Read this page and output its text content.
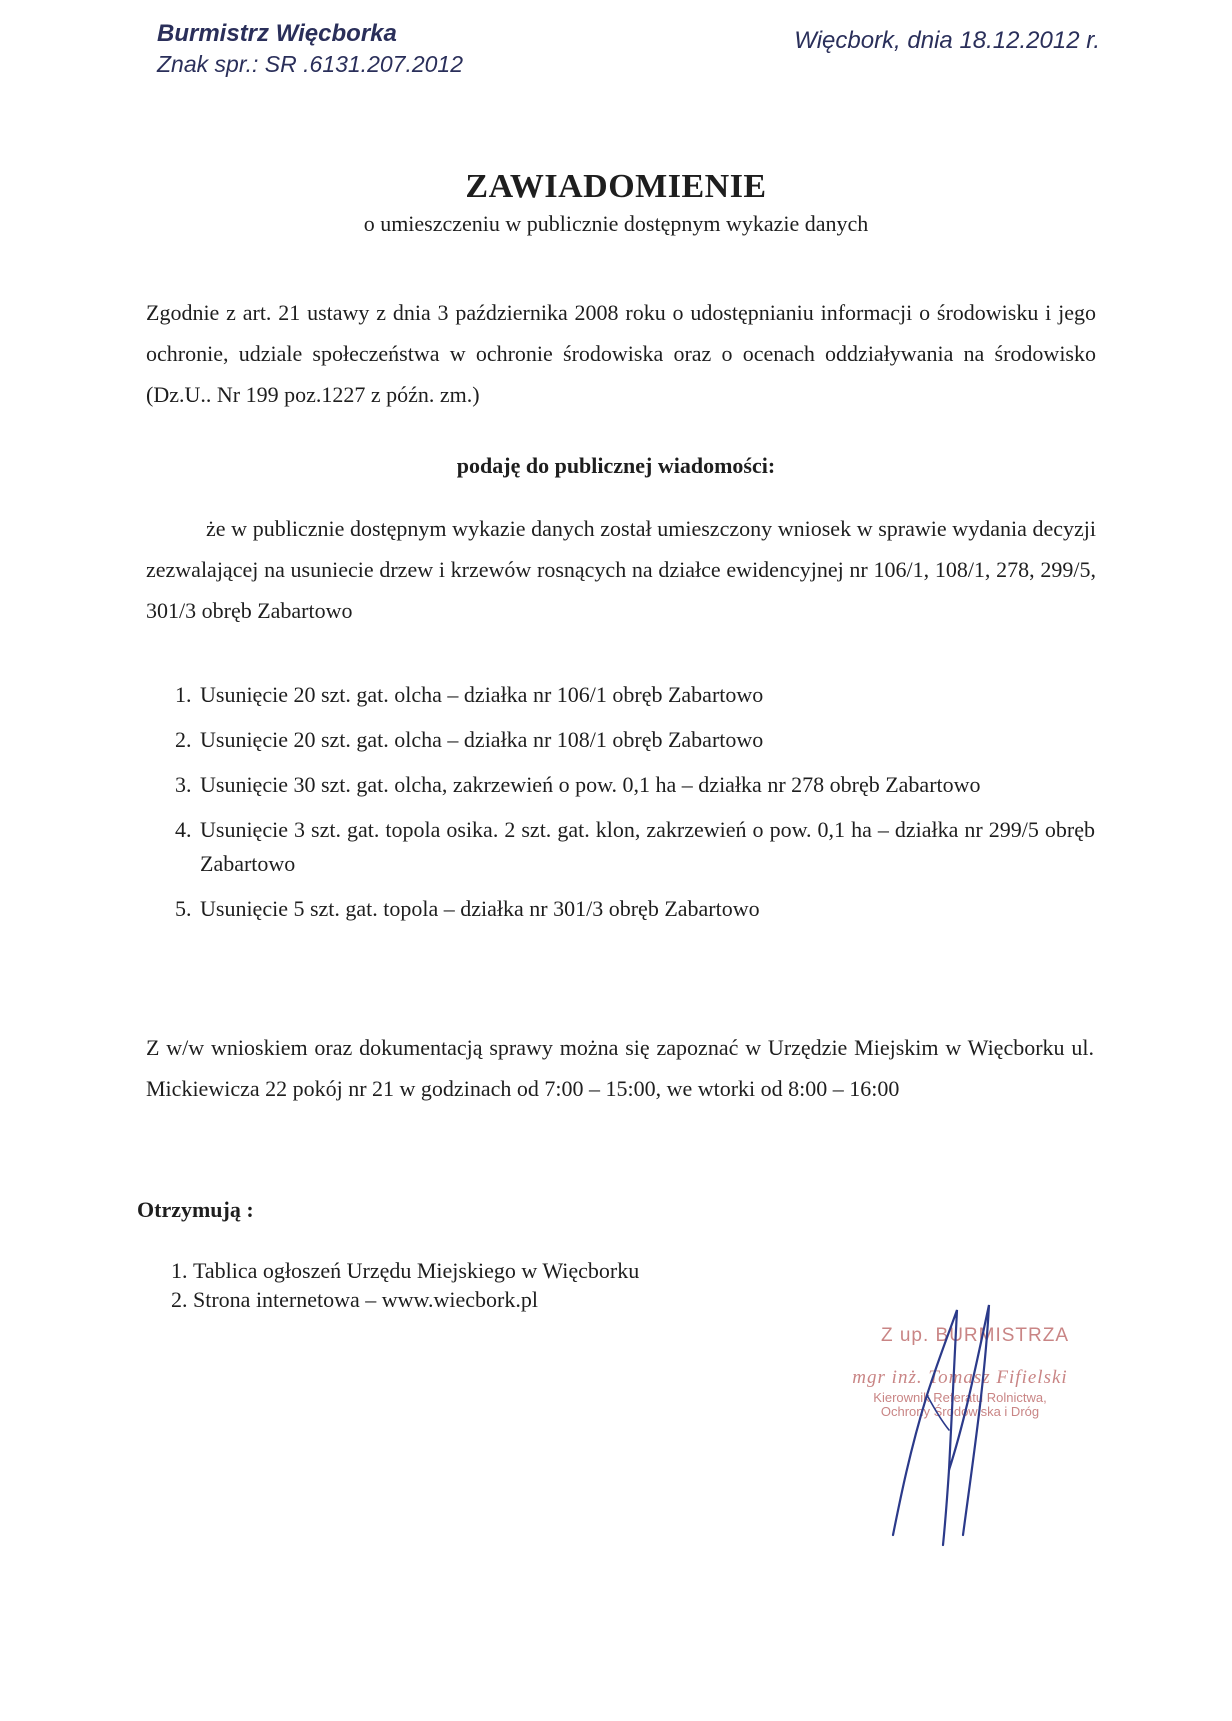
Burmistrz Więcborka
Znak spr.: SR .6131.207.2012
Więcbork, dnia 18.12.2012 r.
ZAWIADOMIENIE
o umieszczeniu w publicznie dostępnym wykazie danych
Zgodnie z art. 21 ustawy z dnia 3 października 2008 roku o udostępnianiu informacji o środowisku i jego ochronie, udziale społeczeństwa w ochronie środowiska oraz o ocenach oddziaływania na środowisko (Dz.U.. Nr 199 poz.1227 z późn. zm.)
podaję do publicznej wiadomości:
że w publicznie dostępnym wykazie danych został umieszczony wniosek w sprawie wydania decyzji zezwalającej na usuniecie drzew i krzewów rosnących na działce ewidencyjnej nr 106/1, 108/1, 278, 299/5, 301/3 obręb Zabartowo
1. Usunięcie 20 szt. gat. olcha – działka nr 106/1 obręb Zabartowo
2. Usunięcie 20 szt. gat. olcha – działka nr 108/1 obręb Zabartowo
3. Usunięcie 30 szt. gat. olcha, zakrzewień o pow. 0,1 ha – działka nr 278 obręb Zabartowo
4. Usunięcie 3 szt. gat. topola osika. 2 szt. gat. klon, zakrzewień o pow. 0,1 ha – działka nr 299/5 obręb Zabartowo
5. Usunięcie 5 szt. gat. topola – działka nr 301/3 obręb Zabartowo
Z w/w wnioskiem oraz dokumentacją sprawy można się zapoznać w Urzędzie Miejskim w Więcborku ul. Mickiewicza 22 pokój nr 21 w godzinach od 7:00 – 15:00, we wtorki od 8:00 – 16:00
Otrzymują :
1. Tablica ogłoszeń Urzędu Miejskiego w Więcborku
2. Strona internetowa – www.wiecbork.pl
Z up. BURMISTRZA
mgr inż. Tomasz Fifielski
Kierownik Referatu Rolnictwa,
Ochrony Środowiska i Dróg
